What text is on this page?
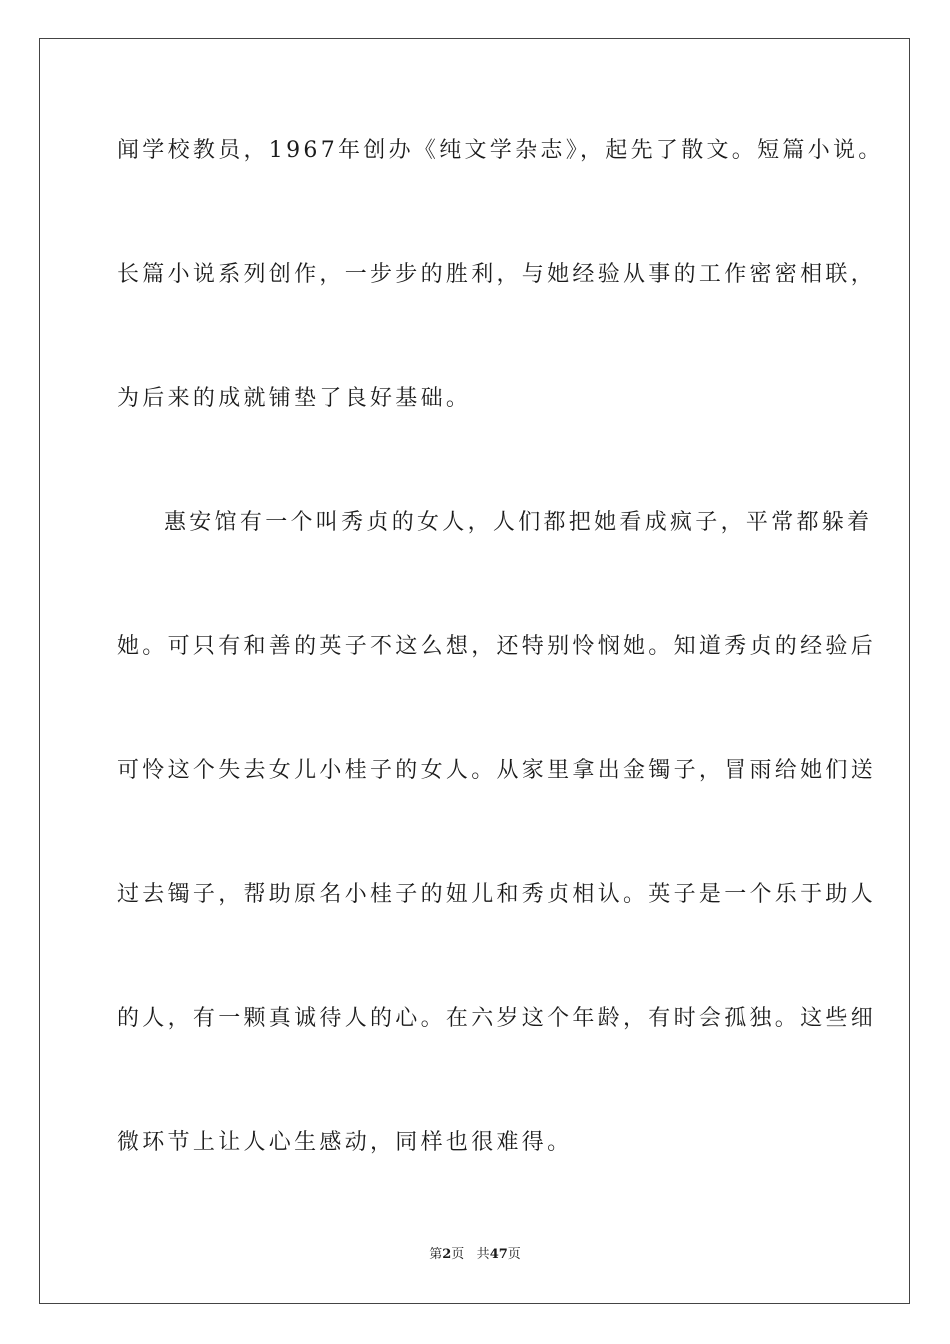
闻学校教员，1967年创办《纯文学杂志》，起先了散文。短篇小说。
长篇小说系列创作，一步步的胜利，与她经验从事的工作密密相联，
为后来的成就铺垫了良好基础。
惠安馆有一个叫秀贞的女人，人们都把她看成疯子，平常都躲着
她。可只有和善的英子不这么想，还特别怜悯她。知道秀贞的经验后
可怜这个失去女儿小桂子的女人。从家里拿出金镯子，冒雨给她们送
过去镯子，帮助原名小桂子的妞儿和秀贞相认。英子是一个乐于助人
的人，有一颗真诚待人的心。在六岁这个年龄，有时会孤独。这些细
微环节上让人心生感动，同样也很难得。
第2页 共47页
